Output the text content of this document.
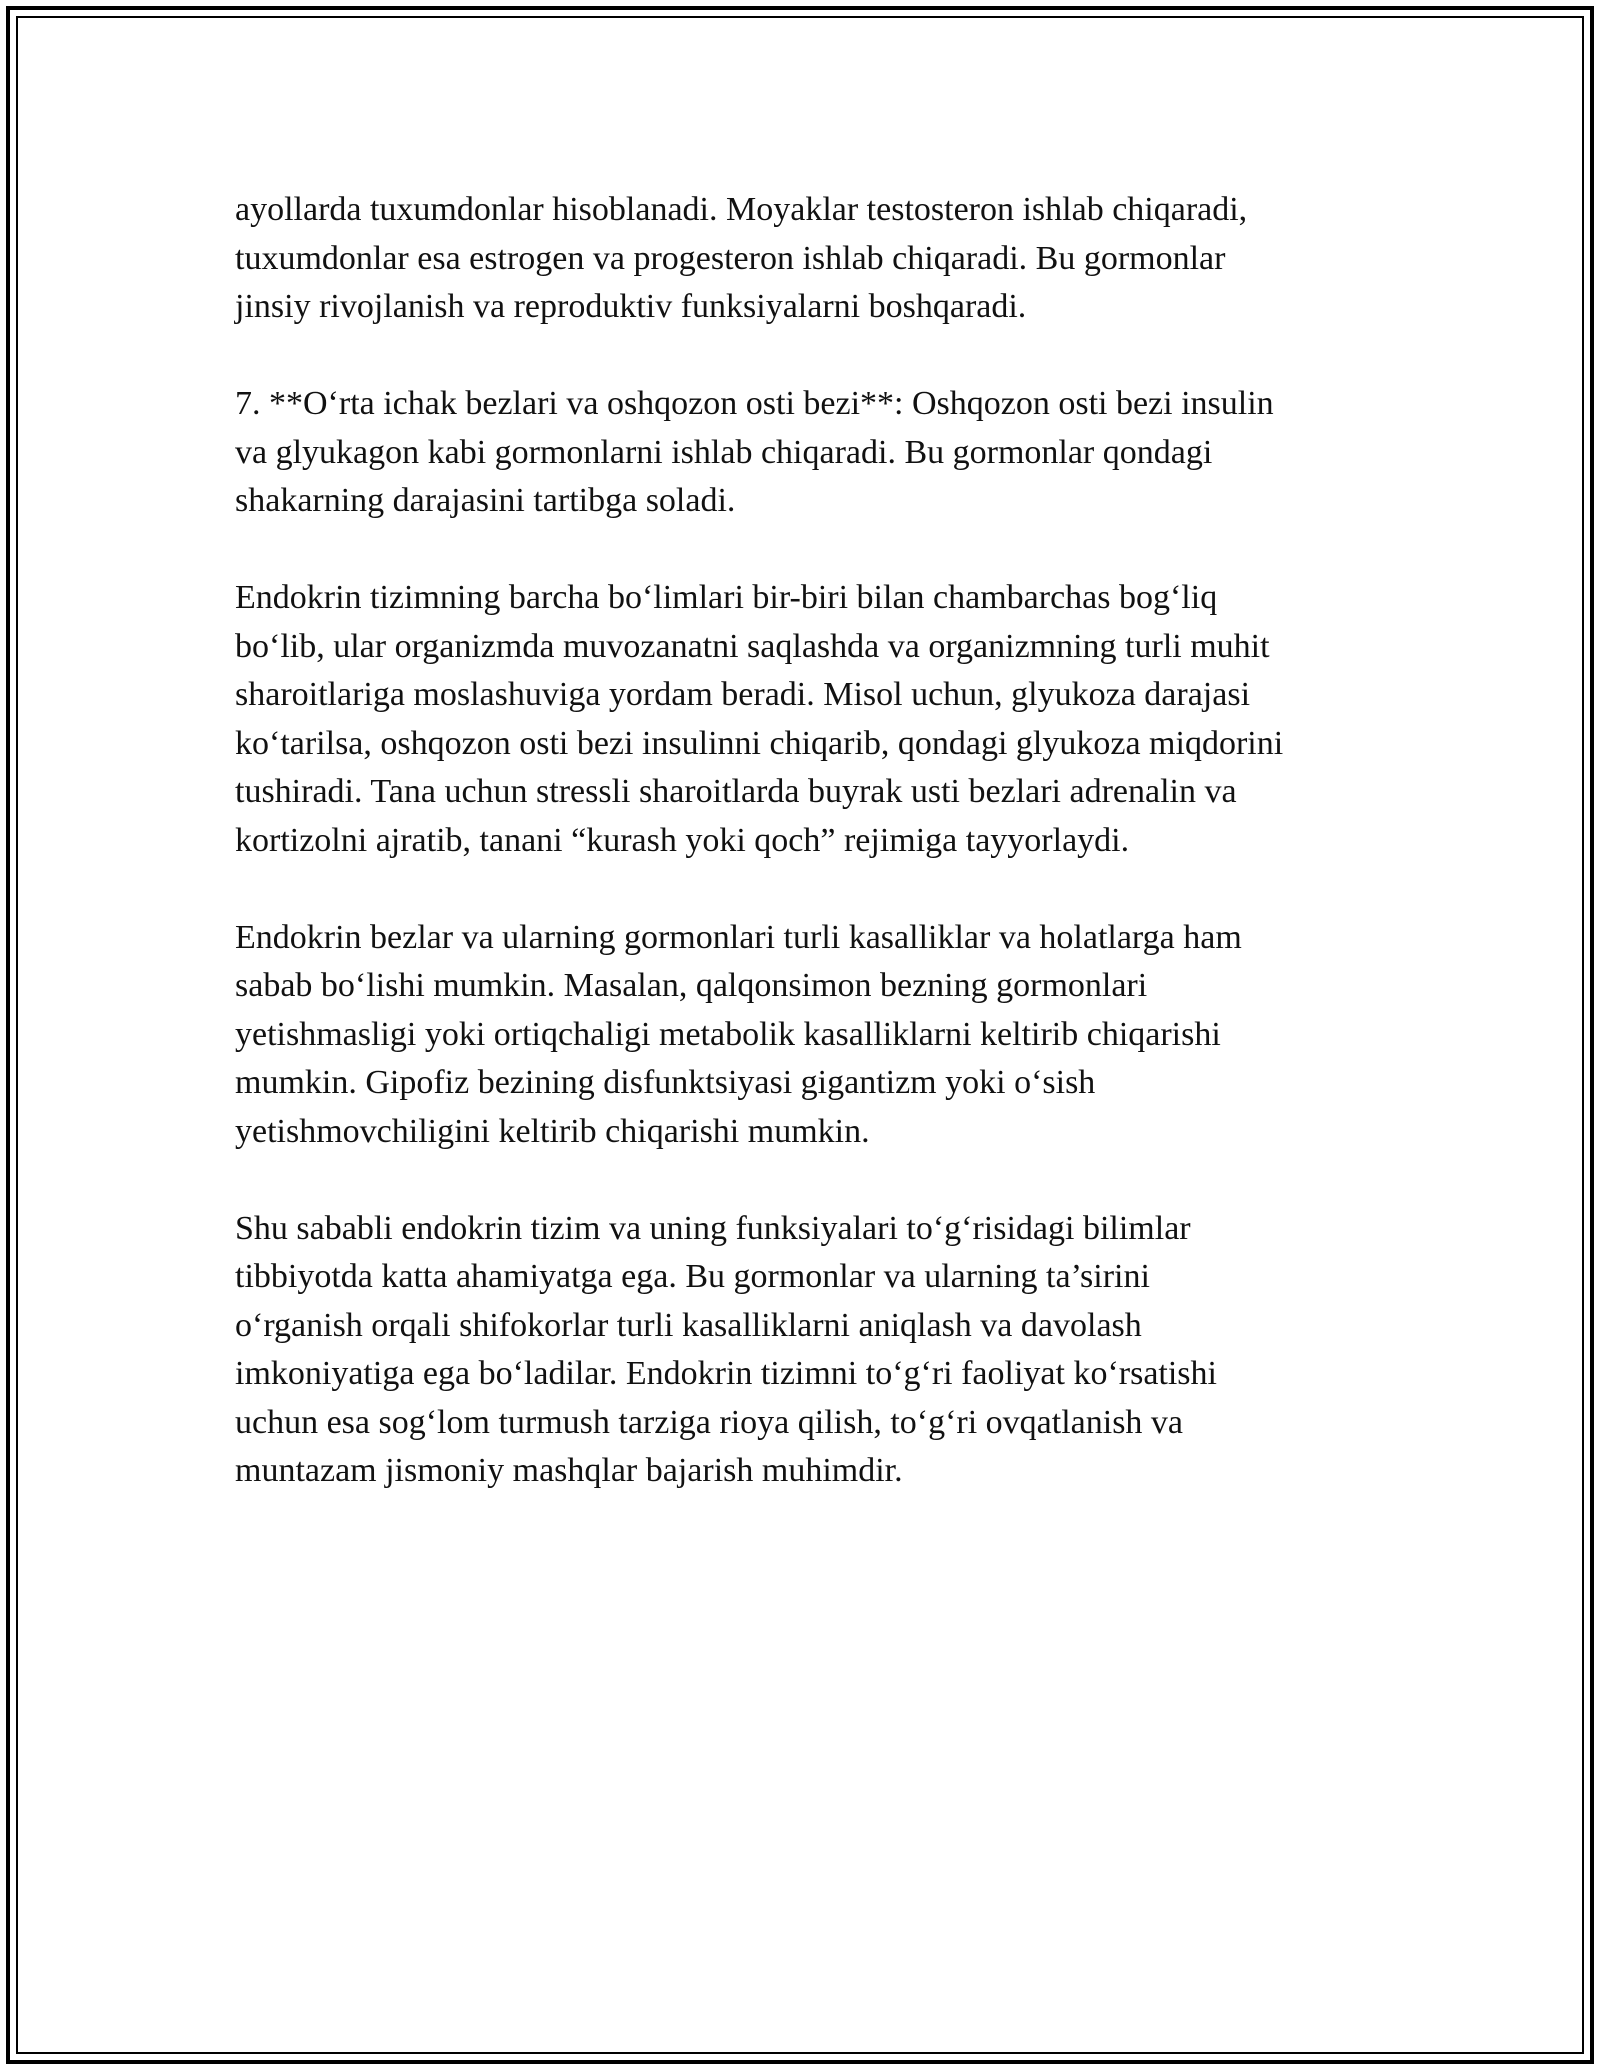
ayollarda tuxumdonlar hisoblanadi. Moyaklar testosteron ishlab chiqaradi,
tuxumdonlar esa estrogen va progesteron ishlab chiqaradi. Bu gormonlar
jinsiy rivojlanish va reproduktiv funksiyalarni boshqaradi.

7. **O‘rta ichak bezlari va oshqozon osti bezi**: Oshqozon osti bezi insulin
va glyukagon kabi gormonlarni ishlab chiqaradi. Bu gormonlar qondagi
shakarning darajasini tartibga soladi.

Endokrin tizimning barcha bo‘limlari bir-biri bilan chambarchas bog‘liq
bo‘lib, ular organizmda muvozanatni saqlashda va organizmning turli muhit
sharoitlariga moslashuviga yordam beradi. Misol uchun, glyukoza darajasi
ko‘tarilsa, oshqozon osti bezi insulinni chiqarib, qondagi glyukoza miqdorini
tushiradi. Tana uchun stressli sharoitlarda buyrak usti bezlari adrenalin va
kortizolni ajratib, tanani “kurash yoki qoch” rejimiga tayyorlaydi.

Endokrin bezlar va ularning gormonlari turli kasalliklar va holatlarga ham
sabab bo‘lishi mumkin. Masalan, qalqonsimon bezning gormonlari
yetishmasligi yoki ortiqchaligi metabolik kasalliklarni keltirib chiqarishi
mumkin. Gipofiz bezining disfunktsiyasi gigantizm yoki o‘sish
yetishmovchiligini keltirib chiqarishi mumkin.

Shu sababli endokrin tizim va uning funksiyalari to‘g‘risidagi bilimlar
tibbiyotda katta ahamiyatga ega. Bu gormonlar va ularning ta’sirini
o‘rganish orqali shifokorlar turli kasalliklarni aniqlash va davolash
imkoniyatiga ega bo‘ladilar. Endokrin tizimni to‘g‘ri faoliyat ko‘rsatishi
uchun esa sog‘lom turmush tarziga rioya qilish, to‘g‘ri ovqatlanish va
muntazam jismoniy mashqlar bajarish muhimdir.
